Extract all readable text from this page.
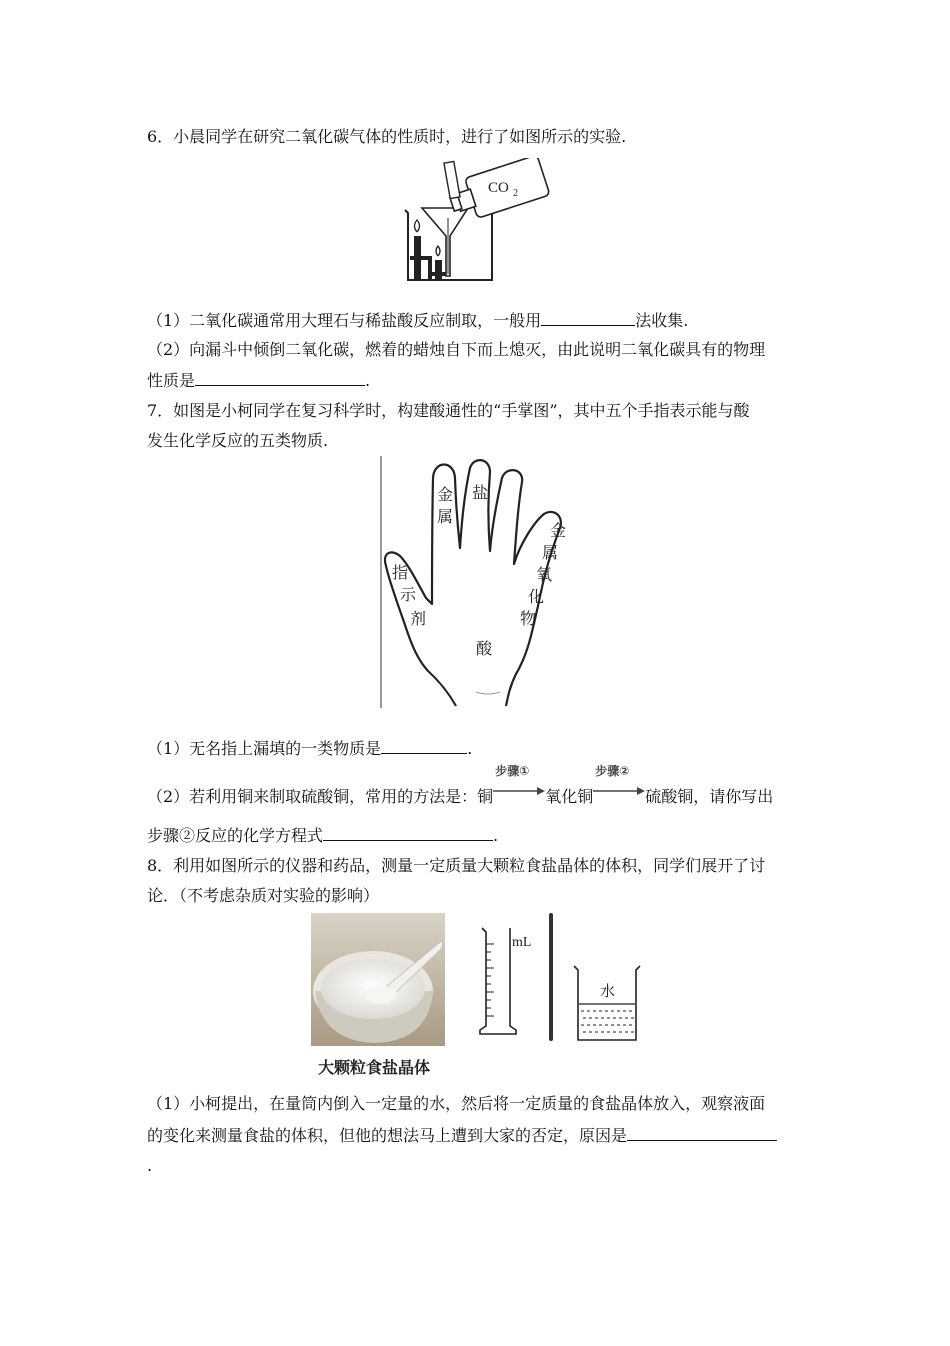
6．小晨同学在研究二氧化碳气体的性质时，进行了如图所示的实验.
CO 2
（1）二氧化碳通常用大理石与稀盐酸反应制取，一般用	法收集.
（2）向漏斗中倾倒二氧化碳，燃着的蜡烛自下而上熄灭，由此说明二氧化碳具有的物理
性质是	.
7．如图是小柯同学在复习科学时，构建酸通性的“手掌图”，其中五个手指表示能与酸
发生化学反应的五类物质.
指
示
剂
金
属
盐
金
属
氧
化
物
酸
（1）无名指上漏填的一类物质是	.
（2）若利用铜来制取硫酸铜，常用的方法是：铜
步骤①
氧化铜
步骤②
硫酸铜，请你写出
步骤②反应的化学方程式	.
8．利用如图所示的仪器和药品，测量一定质量大颗粒食盐晶体的体积，同学们展开了讨
论．（不考虑杂质对实验的影响）
大颗粒食盐晶体
mL
水
（1）小柯提出，在量筒内倒入一定量的水，然后将一定质量的食盐晶体放入，观察液面
的变化来测量食盐的体积，但他的想法马上遭到大家的否定，原因是
.
